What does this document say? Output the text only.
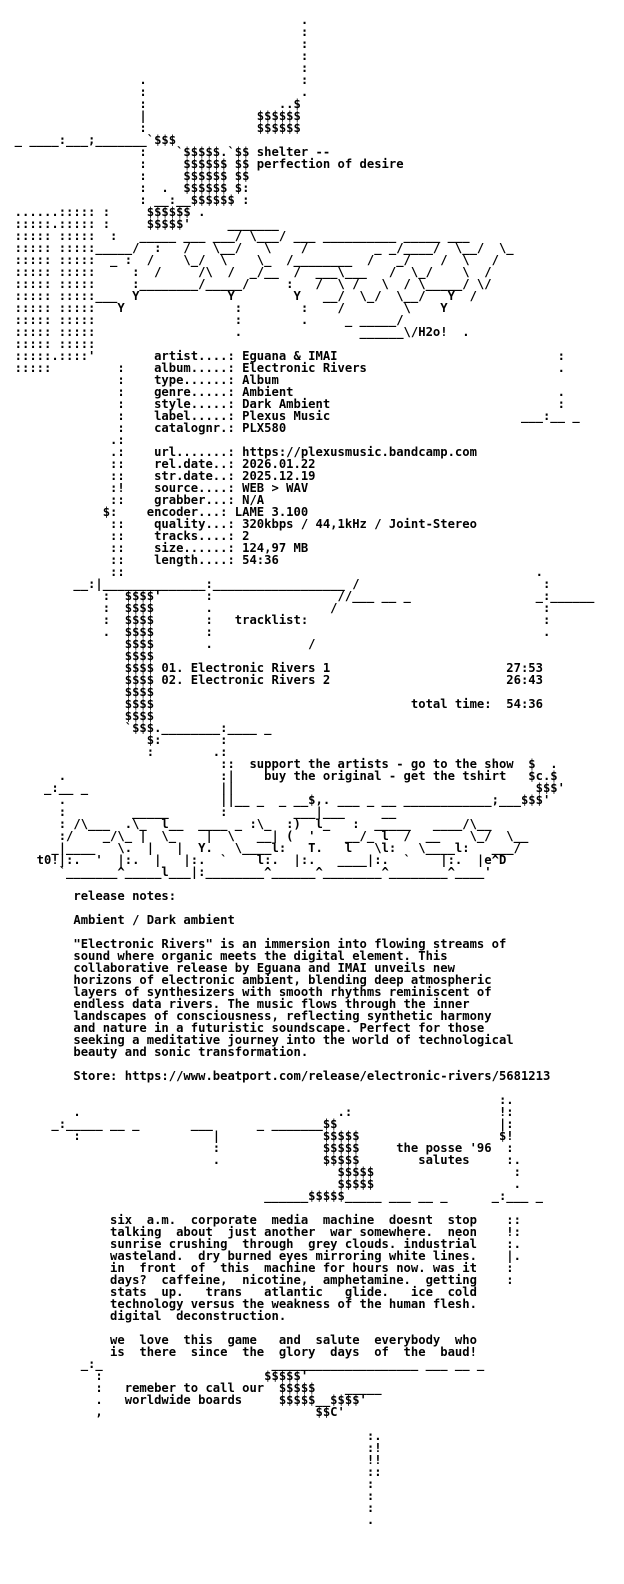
.
:
:
:
:
.                     :
:                     .
:                  ..$
|               $$$$$$
:               $$$$$$
_ ____:___;_______`$$$
:    `$$$$$.`$$ shelter --
:     $$$$$$ $$ perfection of desire
:     $$$$$$ $$
:  .  $$$$$$ $:
: __:__$$$$$$ :
......::::: :     $$$$$$ .
:::::.::::: :     $$$$$'     _______
::::: :::::  :   _____ ___ ___/ \___/ ___ __________ _____ ___
::::: :::::_____/  :   /   \__/   \    /         _ _/____/  \__/  \_
::::: :::::  _ :  /    \_/  \    \_  /________  /   _/    /  \   /
::::: :::::     :  /     /\  /  _/__  /  ___\___   /  \_/    \  /
::::: :::::     :________/_____/     :   /  \ /   \  / \_____/ \/
::::: :::::___  Y            Y        Y   __/  \_/  \__/   Y  /
::::: :::::   Y               :        :    /        \    Y
::::: :::::                   :        .     _ _____/
::::: :::::                   .                ______\/H2o!  .
::::: :::::
:::::.::::'        artist....: Eguana & IMAI                              :
:::::         :    album.....: Electronic Rivers                          .
:    type......: Album
:    genre.....: Ambient                                    .
:    style.....: Dark Ambient                               :
:    label.....: Plexus Music                          ___:__ _
:    catalognr.: PLX580
.:
.:    url.......: https://plexusmusic.bandcamp.com
::    rel.date..: 2026.01.22
::    str.date..: 2025.12.19
:!    source....: WEB > WAV
::    grabber...: N/A
$:    encoder...: LAME 3.100
::    quality...: 320kbps / 44,1kHz / Joint-Stereo
::    tracks....: 2
::    size......: 124,97 MB
::    length....: 54:36
::                                                        .
__:|______________:__________________ /                         :
:  $$$$'      :                 //___ __ _                 _:______
:  $$$$       .                /                            :
:  $$$$       :   tracklist:                                :
.  $$$$       :                                             .
$$$$       .             /
$$$$
$$$$ 01. Electronic Rivers 1                        27:53
$$$$ 02. Electronic Rivers 2                        26:43
$$$$
$$$$                                   total time:  54:36
$$$$
`$$$.________:____ _
$:        :
:        .:
::  support the artists - go to the show  $  .
.                     :|    buy the original - get the tshirt   $c.$
_:__ _                  ||                                         $$$'
.                     ||__ _  _ __$,. ___ _ __ ____________;___$$$'
:         _____       :         ___|___     __
: /\___  .\_  l__  ____ _ :\_  :)  l_   :  _____   ____/\__
:/    _/\_ |  \_    |  \   __| (  '    __/_ l  /  __    \_/  \__
_|____   \.  |   |  Y.   \____l:   T.   l   \l:   \____l:   ___/
t0!|:.  '  |:.  |   |:.  `    l:.  |:.   ____|:.  `    |:.  |e^D
`_______^_____l___|:________^______^________^________^____'

release notes:

Ambient / Dark ambient

"Electronic Rivers" is an immersion into flowing streams of
sound where organic meets the digital element. This
collaborative release by Eguana and IMAI unveils new
horizons of electronic ambient, blending deep atmospheric
layers of synthesizers with smooth rhythms reminiscent of
endless data rivers. The music flows through the inner
landscapes of consciousness, reflecting synthetic harmony
and nature in a futuristic soundscape. Perfect for those
seeking a meditative journey into the world of technological
beauty and sonic transformation.

Store: https://www.beatport.com/release/electronic-rivers/5681213

:.
.                                   .:                    !:
_:_____ __ _       ___      _ _______$$                      |:
:                  |              $$$$$                   $!
:              $$$$$     the posse '96  :
.              $$$$$        salutes     :.
$$$$$                   :
$$$$$                   .
______$$$$$_____ ___ __ _      _:___ _

six  a.m.  corporate  media  machine  doesnt  stop    ::
talking  about  just another  war somewhere.  neon    !:
sunrise crushing  through  grey clouds. industrial    :.
wasteland.  dry burned eyes mirroring white lines.    |.
in  front  of  this  machine for hours now. was it    :
days?  caffeine,  nicotine,  amphetamine.  getting    :
stats  up.   trans   atlantic   glide.   ice  cold
technology versus the weakness of the human flesh.
digital  deconstruction.

we  love  this  game   and  salute  everybody  who
is  there  since  the  glory  days  of  the  baud!
_:_                       ____________________ ___ __ _
:                      $$$$$'
:   remeber to call our  $$$$$    _____
.   worldwide boards     $$$$$__$$$$'
,                             $$C'

:.
:!
!!
::
:
:
:
.
